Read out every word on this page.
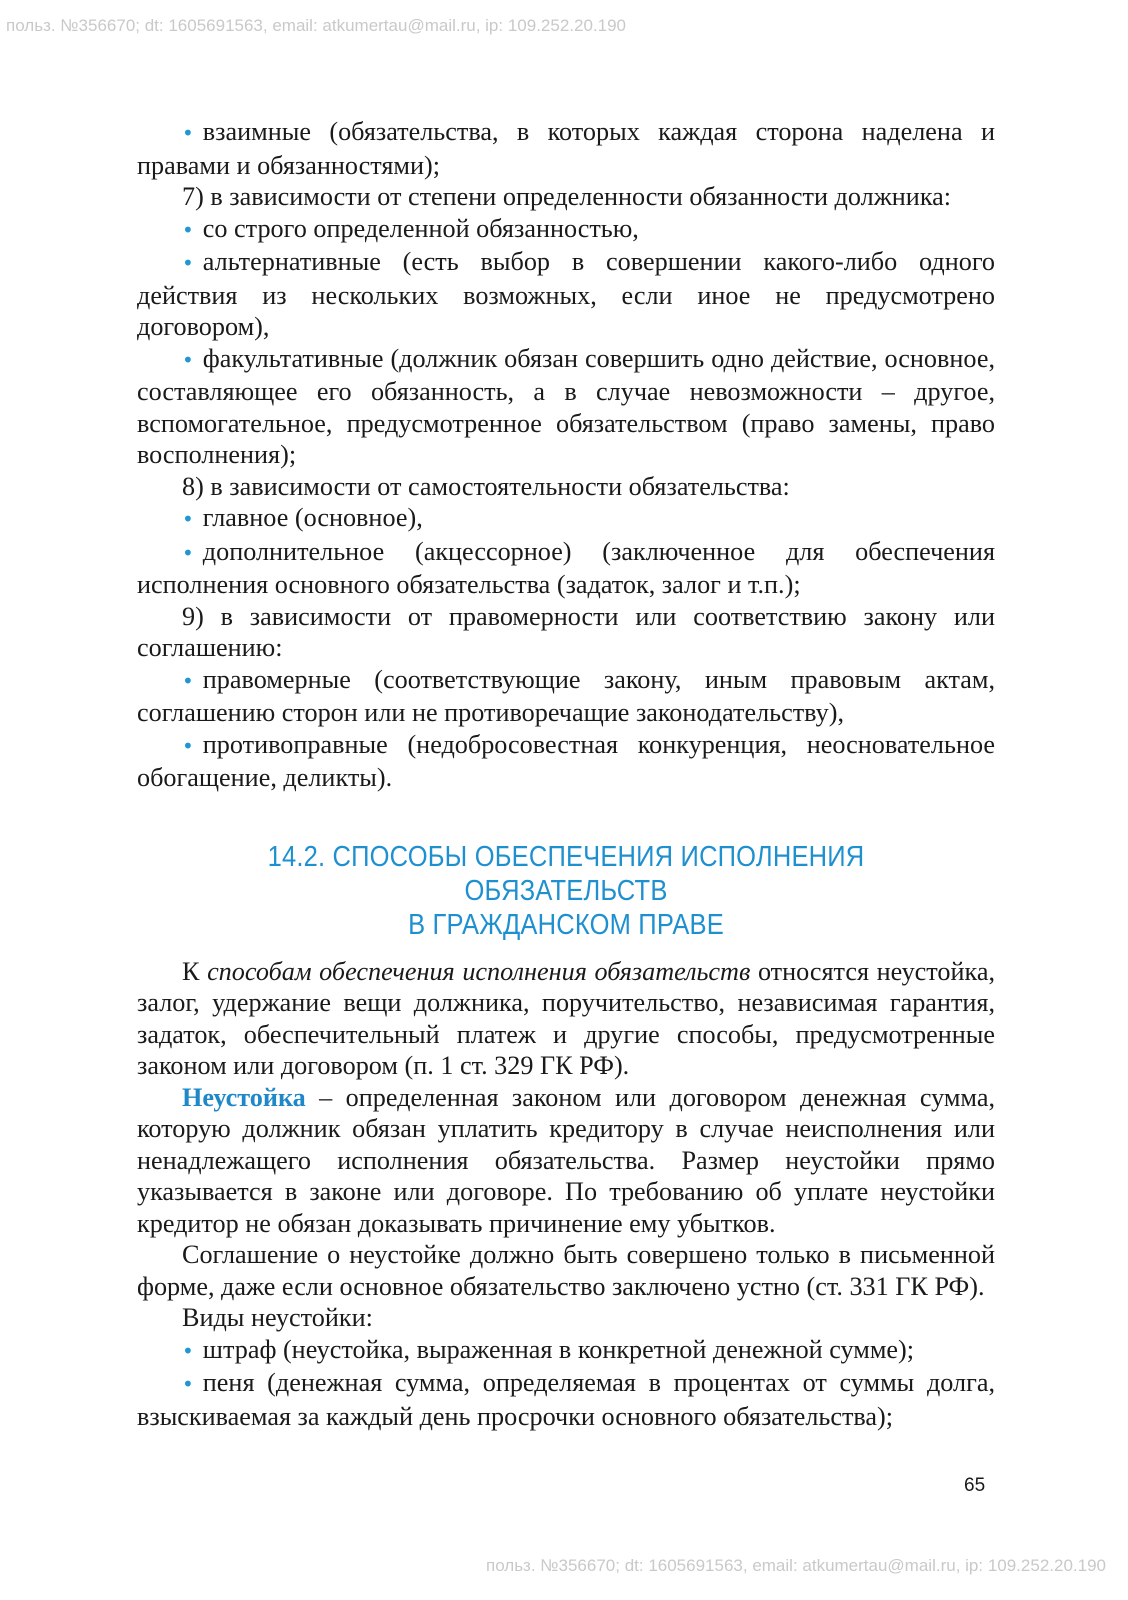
польз. №356670; dt: 1605691563, email: atkumertau@mail.ru, ip: 109.252.20.190

• взаимные (обязательства, в которых каждая сторона наделена и правами и обязанностями);

7) в зависимости от степени определенности обязанности должника:

• со строго определенной обязанностью,

• альтернативные (есть выбор в совершении какого-либо одного действия из нескольких возможных, если иное не предусмотрено договором),

• факультативные (должник обязан совершить одно действие, основное, составляющее его обязанность, а в случае невозможности – другое, вспомогательное, предусмотренное обязательством (право замены, право восполнения);

8) в зависимости от самостоятельности обязательства:

• главное (основное),

• дополнительное (акцессорное) (заключенное для обеспечения исполнения основного обязательства (задаток, залог и т.п.);

9) в зависимости от правомерности или соответствию закону или соглашению:

• правомерные (соответствующие закону, иным правовым актам, соглашению сторон или не противоречащие законодательству),

• противоправные (недобросовестная конкуренция, неосновательное обогащение, деликты).

14.2. СПОСОБЫ ОБЕСПЕЧЕНИЯ ИСПОЛНЕНИЯ ОБЯЗАТЕЛЬСТВ
В ГРАЖДАНСКОМ ПРАВЕ

К способам обеспечения исполнения обязательств относятся неустойка, залог, удержание вещи должника, поручительство, независимая гарантия, задаток, обеспечительный платеж и другие способы, предусмотренные законом или договором (п. 1 ст. 329 ГК РФ).

Неустойка – определенная законом или договором денежная сумма, которую должник обязан уплатить кредитору в случае неисполнения или ненадлежащего исполнения обязательства. Размер неустойки прямо указывается в законе или договоре. По требованию об уплате неустойки кредитор не обязан доказывать причинение ему убытков.

Соглашение о неустойке должно быть совершено только в письменной форме, даже если основное обязательство заключено устно (ст. 331 ГК РФ).

Виды неустойки:

• штраф (неустойка, выраженная в конкретной денежной сумме);

• пеня (денежная сумма, определяемая в процентах от суммы долга, взыскиваемая за каждый день просрочки основного обязательства);

65
польз. №356670; dt: 1605691563, email: atkumertau@mail.ru, ip: 109.252.20.190
